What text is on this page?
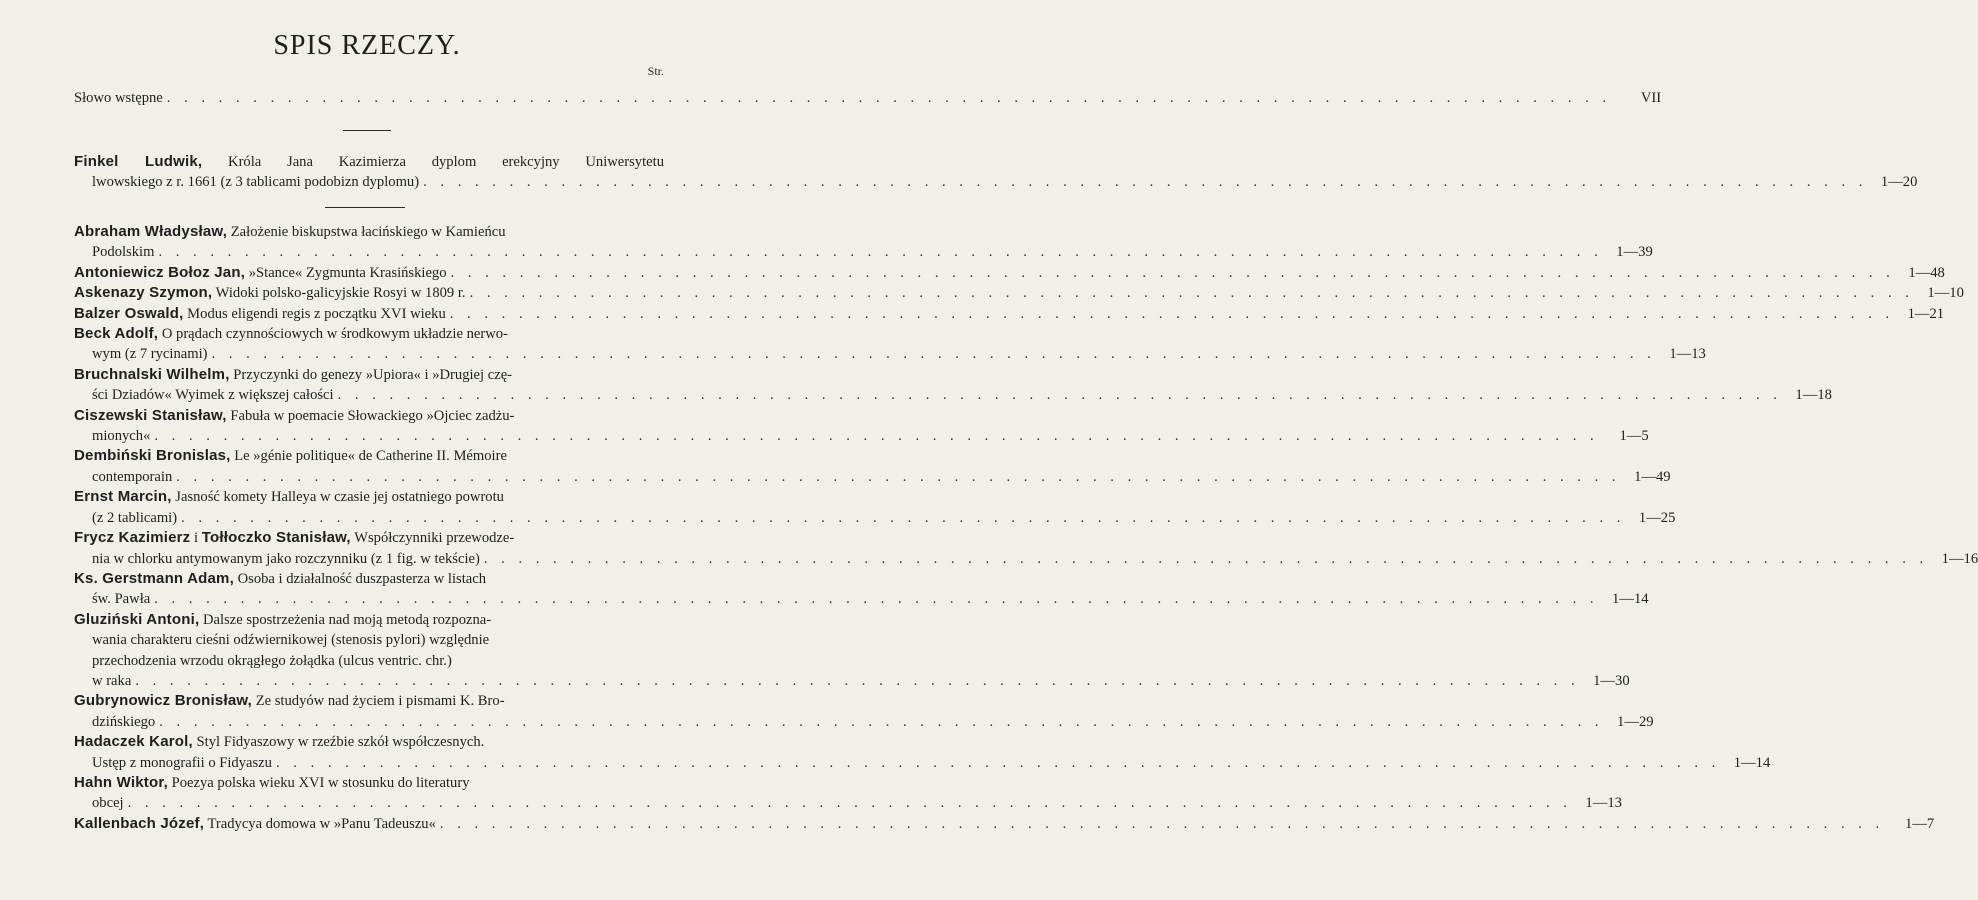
SPIS RZECZY.
Str.
Słowo wstępne . . .	VII
Finkel Ludwik, Króla Jana Kazimierza dyplom erekcyjny Uniwersytetu
lwowskiego z r. 1661 (z 3 tablicami podobizn dyplomu) . . .	1—20
Abraham Władysław, Założenie biskupstwa łacińskiego w Kamieńcu
Podolskim . . .	1—39
Antoniewicz Bołoz Jan, »Stance« Zygmunta Krasińskiego . . .	1—48
Askenazy Szymon, Widoki polsko-galicyjskie Rosyi w 1809 r. . . .	1—10
Balzer Oswald, Modus eligendi regis z początku XVI wieku . . .	1—21
Beck Adolf, O prądach czynnościowych w środkowym układzie nerwo-
wym (z 7 rycinami) . . .	1—13
Bruchnalski Wilhelm, Przyczynki do genezy »Upiora« i »Drugiej czę-
ści Dziadów« Wyimek z większej całości . . .	1—18
Ciszewski Stanisław, Fabuła w poemacie Słowackiego »Ojciec zadżu-
mionych« . . .	1—5
Dembiński Bronislas, Le »génie politique« de Catherine II. Mémoire
contemporain . . .	1—49
Ernst Marcin, Jasność komety Halleya w czasie jej ostatniego powrotu
(z 2 tablicami) . . .	1—25
Frycz Kazimierz i Tołłoczko Stanisław, Współczynniki przewodze-
nia w chlorku antymowanym jako rozczynniku (z 1 fig. w tekście) . . .	1—16
Ks. Gerstmann Adam, Osoba i działalność duszpasterza w listach
św. Pawła . . .	1—14
Gluziński Antoni, Dalsze spostrzeżenia nad moją metodą rozpozna-
wania charakteru cieśni odźwiernikowej (stenosis pylori) względnie
przechodzenia wrzodu okrągłego żołądka (ulcus ventric. chr.)
w raka . . .	1—30
Gubrynowicz Bronisław, Ze studyów nad życiem i pismami K. Bro-
dzińskiego . . .	1—29
Hadaczek Karol, Styl Fidyaszowy w rzeźbie szkół współczesnych.
Ustęp z monografii o Fidyaszu . . .	1—14
Hahn Wiktor, Poezya polska wieku XVI w stosunku do literatury
obcej . . .	1—13
Kallenbach Józef, Tradycya domowa w »Panu Tadeuszu« . . .	1—7
